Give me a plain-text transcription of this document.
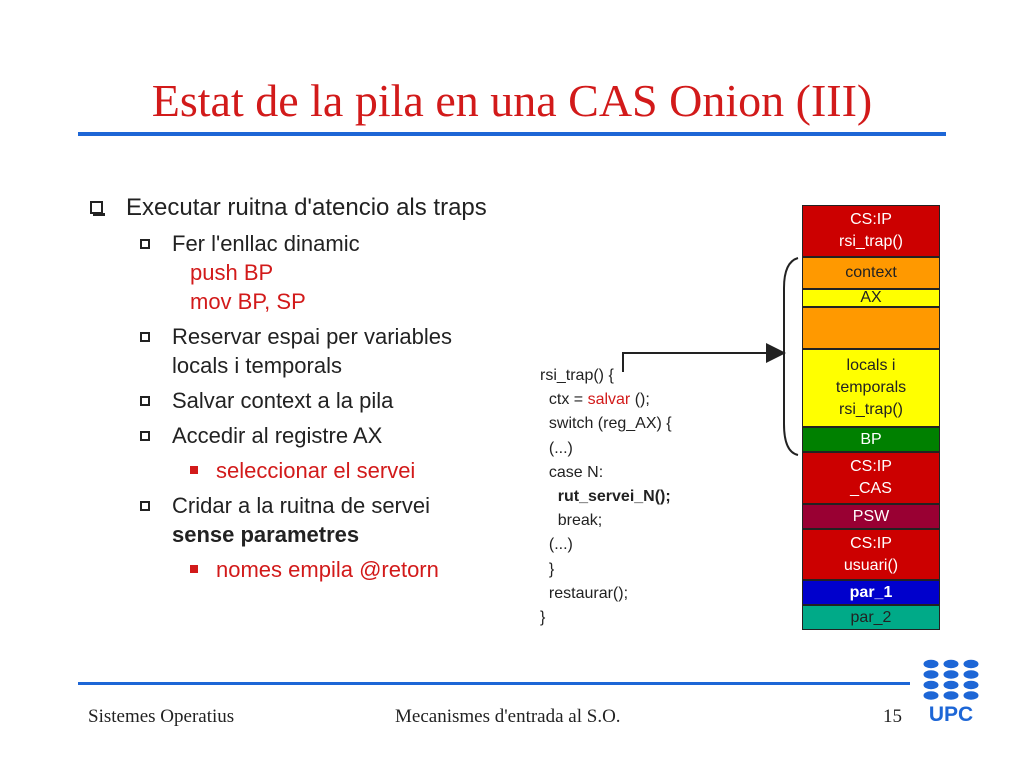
Estat de la pila en una CAS Onion (III)
Executar ruitna d'atencio als traps
Fer l'enllac dinamic
push BP
mov BP, SP
Reservar espai per variables locals i temporals
Salvar context a la pila
Accedir al registre AX
seleccionar el servei
Cridar a la ruitna de servei
sense parametres
nomes empila @retorn
rsi_trap() {
ctx = salvar ();
switch (reg_AX) {
(...)
case N:
rut_servei_N();
break;
(...)
}
restaurar();
}
CS:IP
rsi_trap()
context
AX
locals i
temporals
rsi_trap()
BP
CS:IP
_CAS
PSW
CS:IP
usuari()
par_1
par_2
Sistemes Operatius	Mecanismes d'entrada al S.O.	15 UPC
